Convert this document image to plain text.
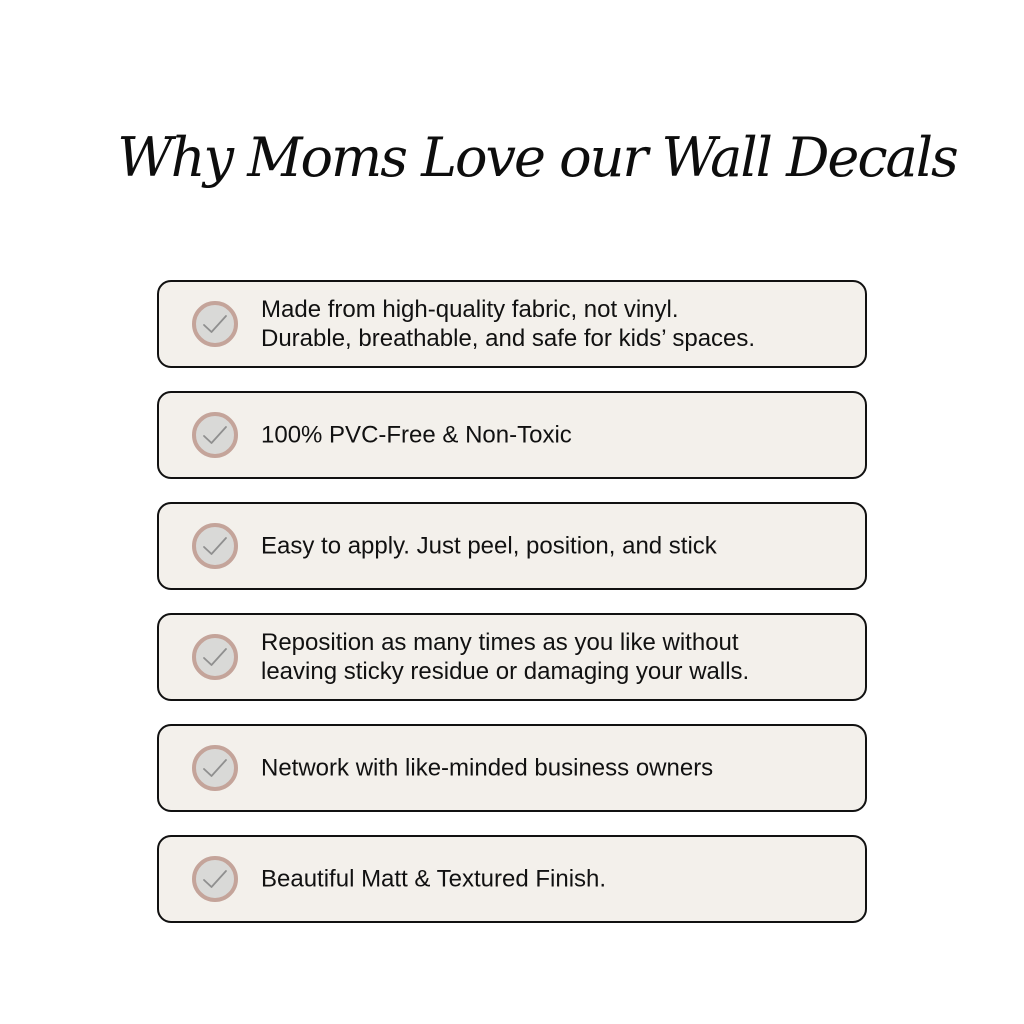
Why Moms Love our Wall Decals
Made from high-quality fabric, not vinyl.
Durable, breathable, and safe for kids’ spaces.
100% PVC-Free & Non-Toxic
Easy to apply. Just peel, position, and stick
Reposition as many times as you like without
leaving sticky residue or damaging your walls.
Network with like-minded business owners
Beautiful Matt & Textured Finish.
